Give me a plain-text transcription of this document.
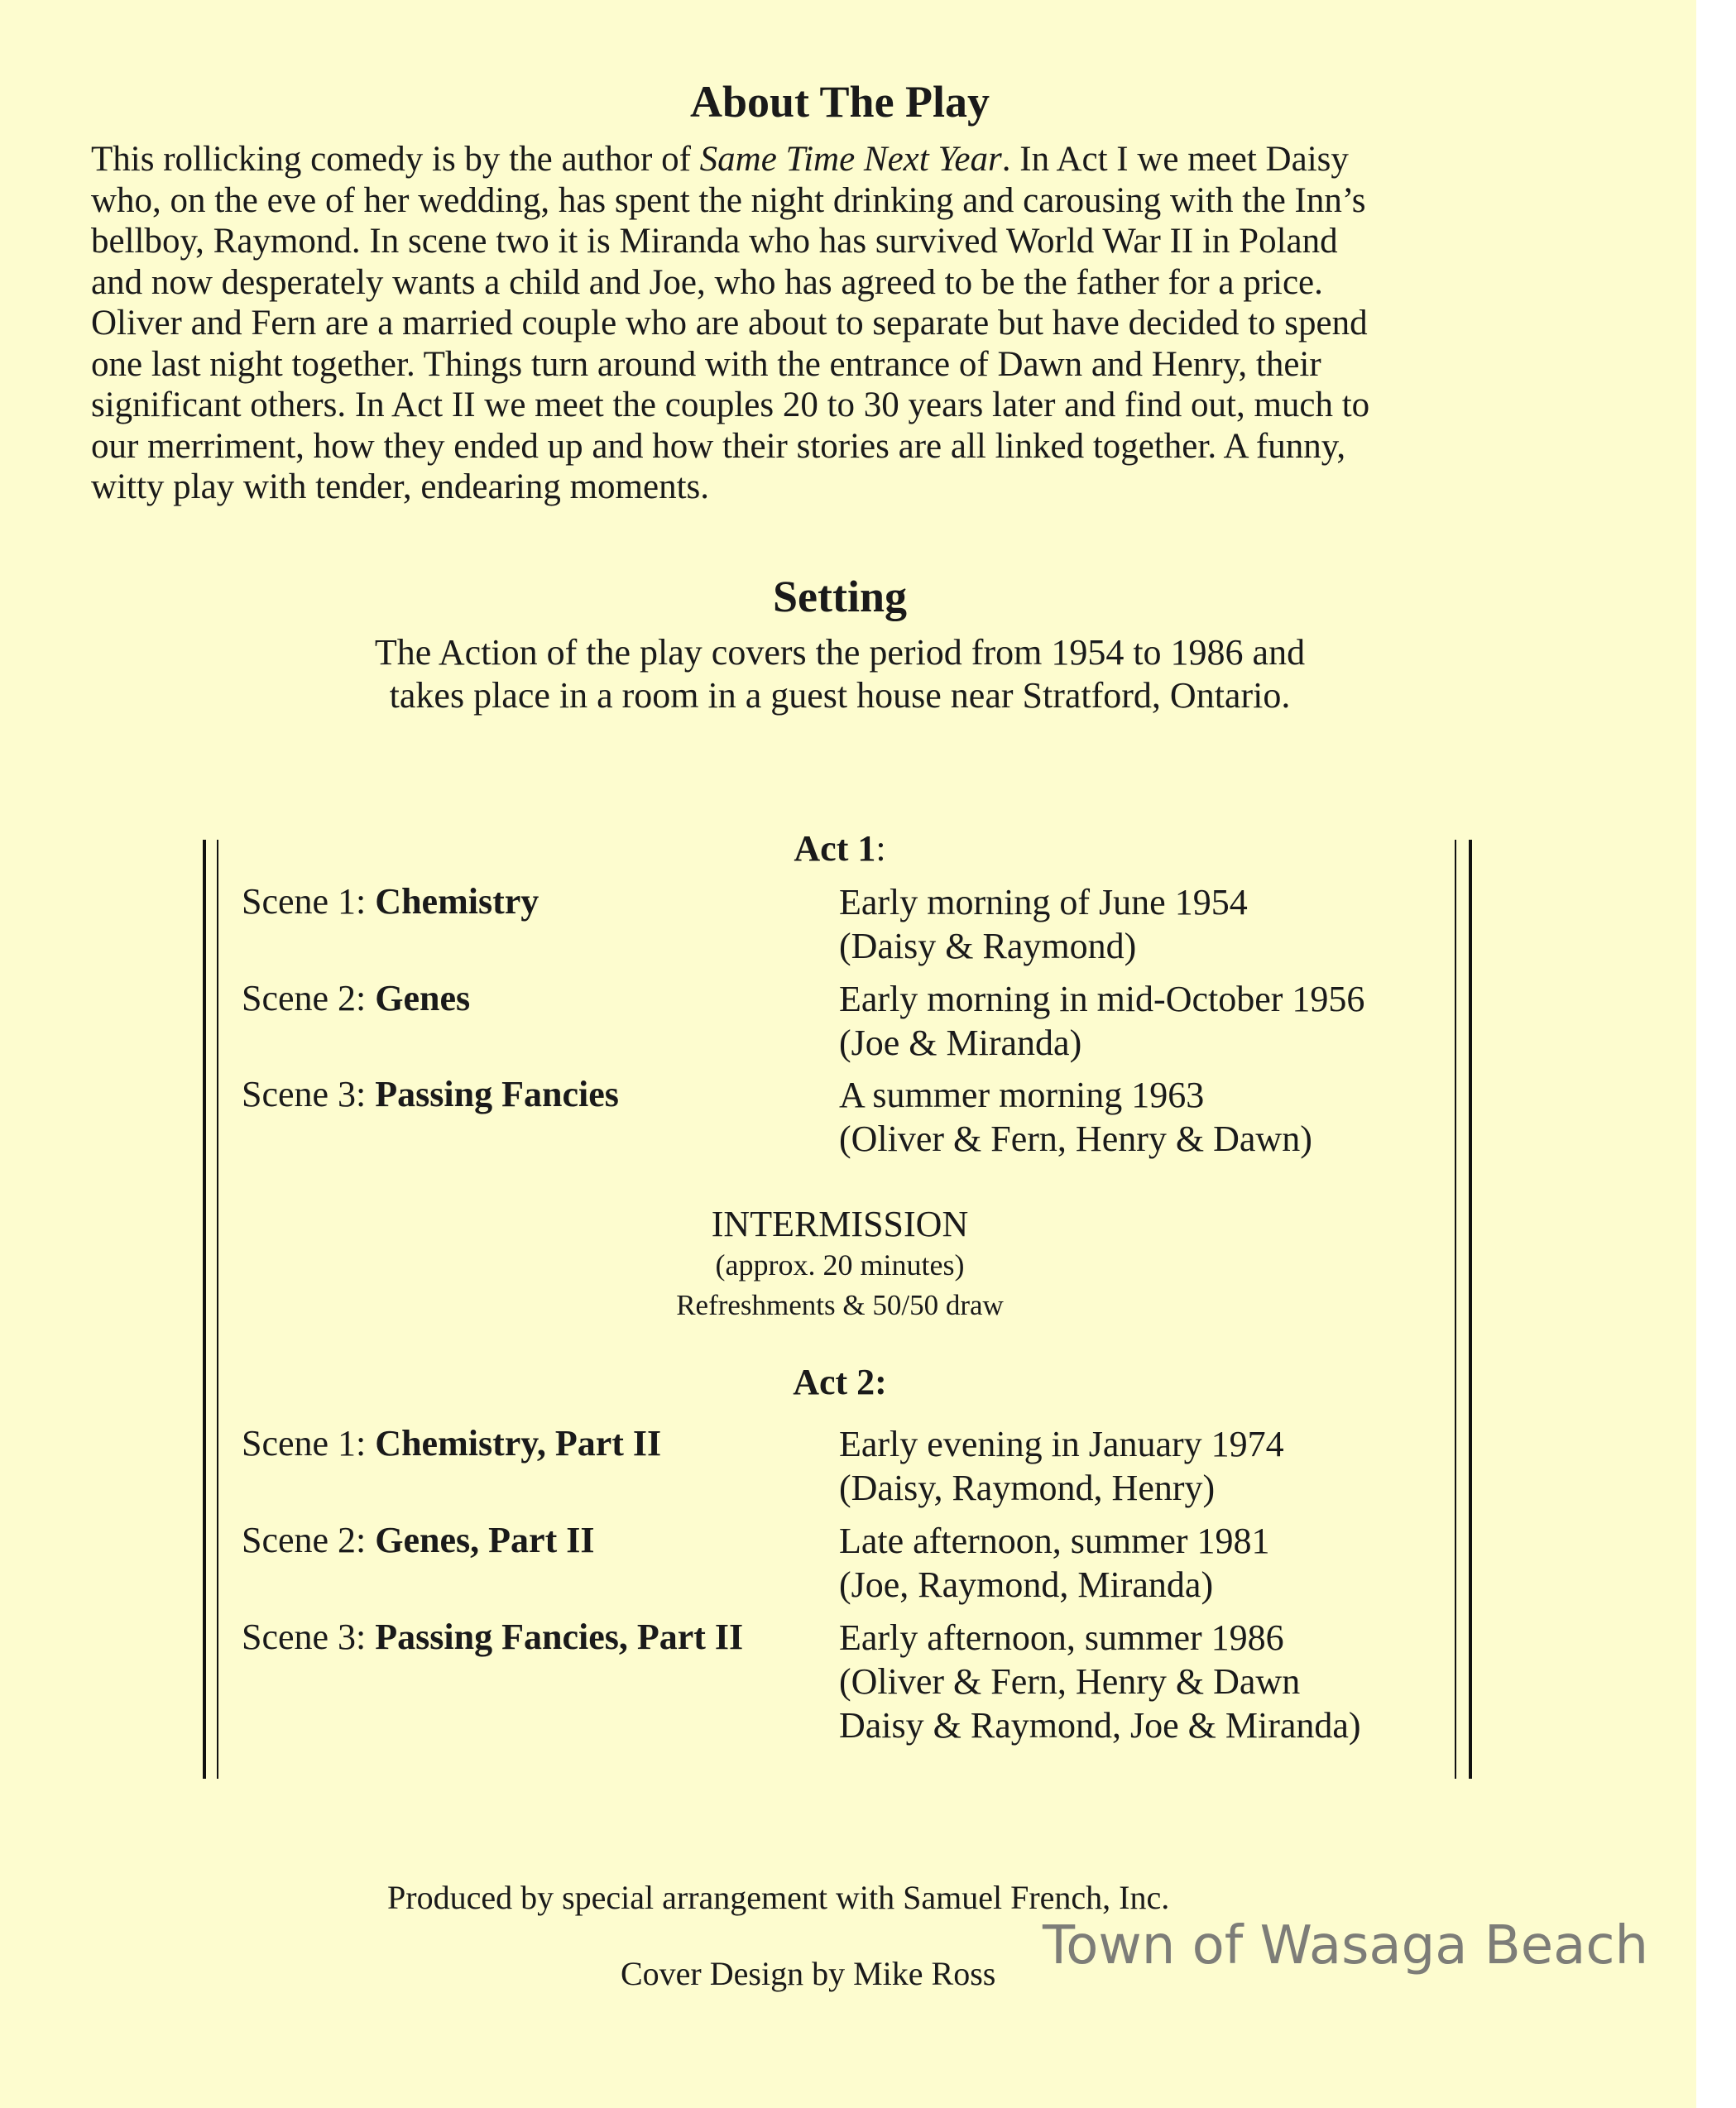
About The Play

This rollicking comedy is by the author of Same Time Next Year. In Act I we meet Daisy
who, on the eve of her wedding, has spent the night drinking and carousing with the Inn’s
bellboy, Raymond. In scene two it is Miranda who has survived World War II in Poland
and now desperately wants a child and Joe, who has agreed to be the father for a price.
Oliver and Fern are a married couple who are about to separate but have decided to spend
one last night together. Things turn around with the entrance of Dawn and Henry, their
significant others. In Act II we meet the couples 20 to 30 years later and find out, much to
our merriment, how they ended up and how their stories are all linked together. A funny,
witty play with tender, endearing moments.

Setting

The Action of the play covers the period from 1954 to 1986 and
takes place in a room in a guest house near Stratford, Ontario.

Act 1:
Scene 1: Chemistry	Early morning of June 1954
(Daisy & Raymond)
Scene 2: Genes	Early morning in mid-October 1956
(Joe & Miranda)
Scene 3: Passing Fancies	A summer morning 1963
(Oliver & Fern, Henry & Dawn)
INTERMISSION
(approx. 20 minutes)
Refreshments & 50/50 draw
Act 2:
Scene 1: Chemistry, Part II	Early evening in January 1974
(Daisy, Raymond, Henry)
Scene 2: Genes, Part II	Late afternoon, summer 1981
(Joe, Raymond, Miranda)
Scene 3: Passing Fancies, Part II	Early afternoon, summer 1986
(Oliver & Fern, Henry & Dawn
Daisy & Raymond, Joe & Miranda)
Produced by special arrangement with Samuel French, Inc.
Cover Design by Mike Ross Town of Wasaga Beach
